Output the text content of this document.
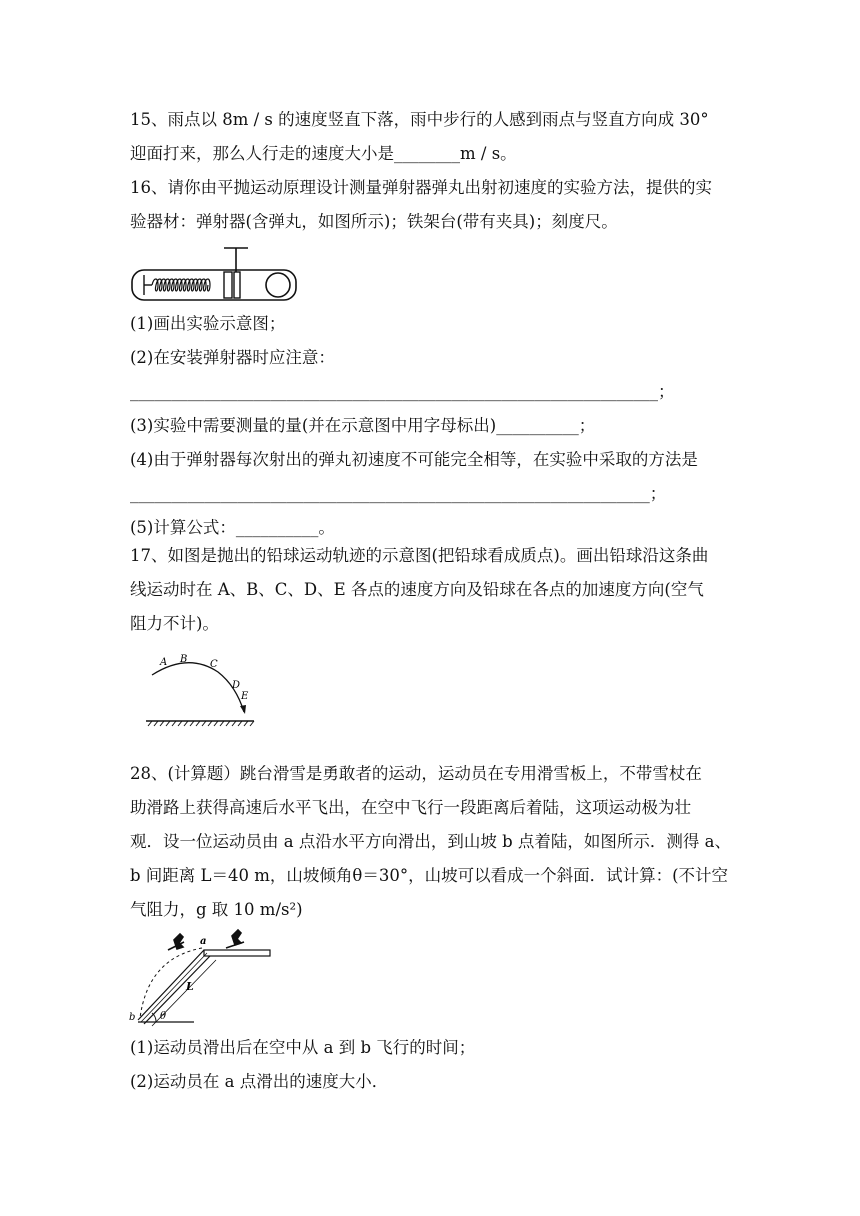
15、雨点以 8m / s 的速度竖直下落，雨中步行的人感到雨点与竖直方向成 30°
迎面打来，那么人行走的速度大小是________m / s。
16、请你由平抛运动原理设计测量弹射器弹丸出射初速度的实验方法，提供的实
验器材：弹射器(含弹丸，如图所示)；铁架台(带有夹具)；刻度尺。
(1)画出实验示意图；
(2)在安装弹射器时应注意：
________________________________________________________________；
(3)实验中需要测量的量(并在示意图中用字母标出)__________；
(4)由于弹射器每次射出的弹丸初速度不可能完全相等，在实验中采取的方法是
_______________________________________________________________；
(5)计算公式：__________。
17、如图是抛出的铅球运动轨迹的示意图(把铅球看成质点)。画出铅球沿这条曲
线运动时在 A、B、C、D、E 各点的速度方向及铅球在各点的加速度方向(空气
阻力不计)。
A B C
D
E
28、(计算题）跳台滑雪是勇敢者的运动，运动员在专用滑雪板上，不带雪杖在
助滑路上获得高速后水平飞出，在空中飞行一段距离后着陆，这项运动极为壮
观．设一位运动员由 a 点沿水平方向滑出，到山坡 b 点着陆，如图所示．测得 a、
b 间距离 L＝40 m，山坡倾角θ＝30°，山坡可以看成一个斜面．试计算：(不计空
气阻力，g 取 10 m/s²)
a
b
L
θ
(1)运动员滑出后在空中从 a 到 b 飞行的时间；
(2)运动员在 a 点滑出的速度大小．
